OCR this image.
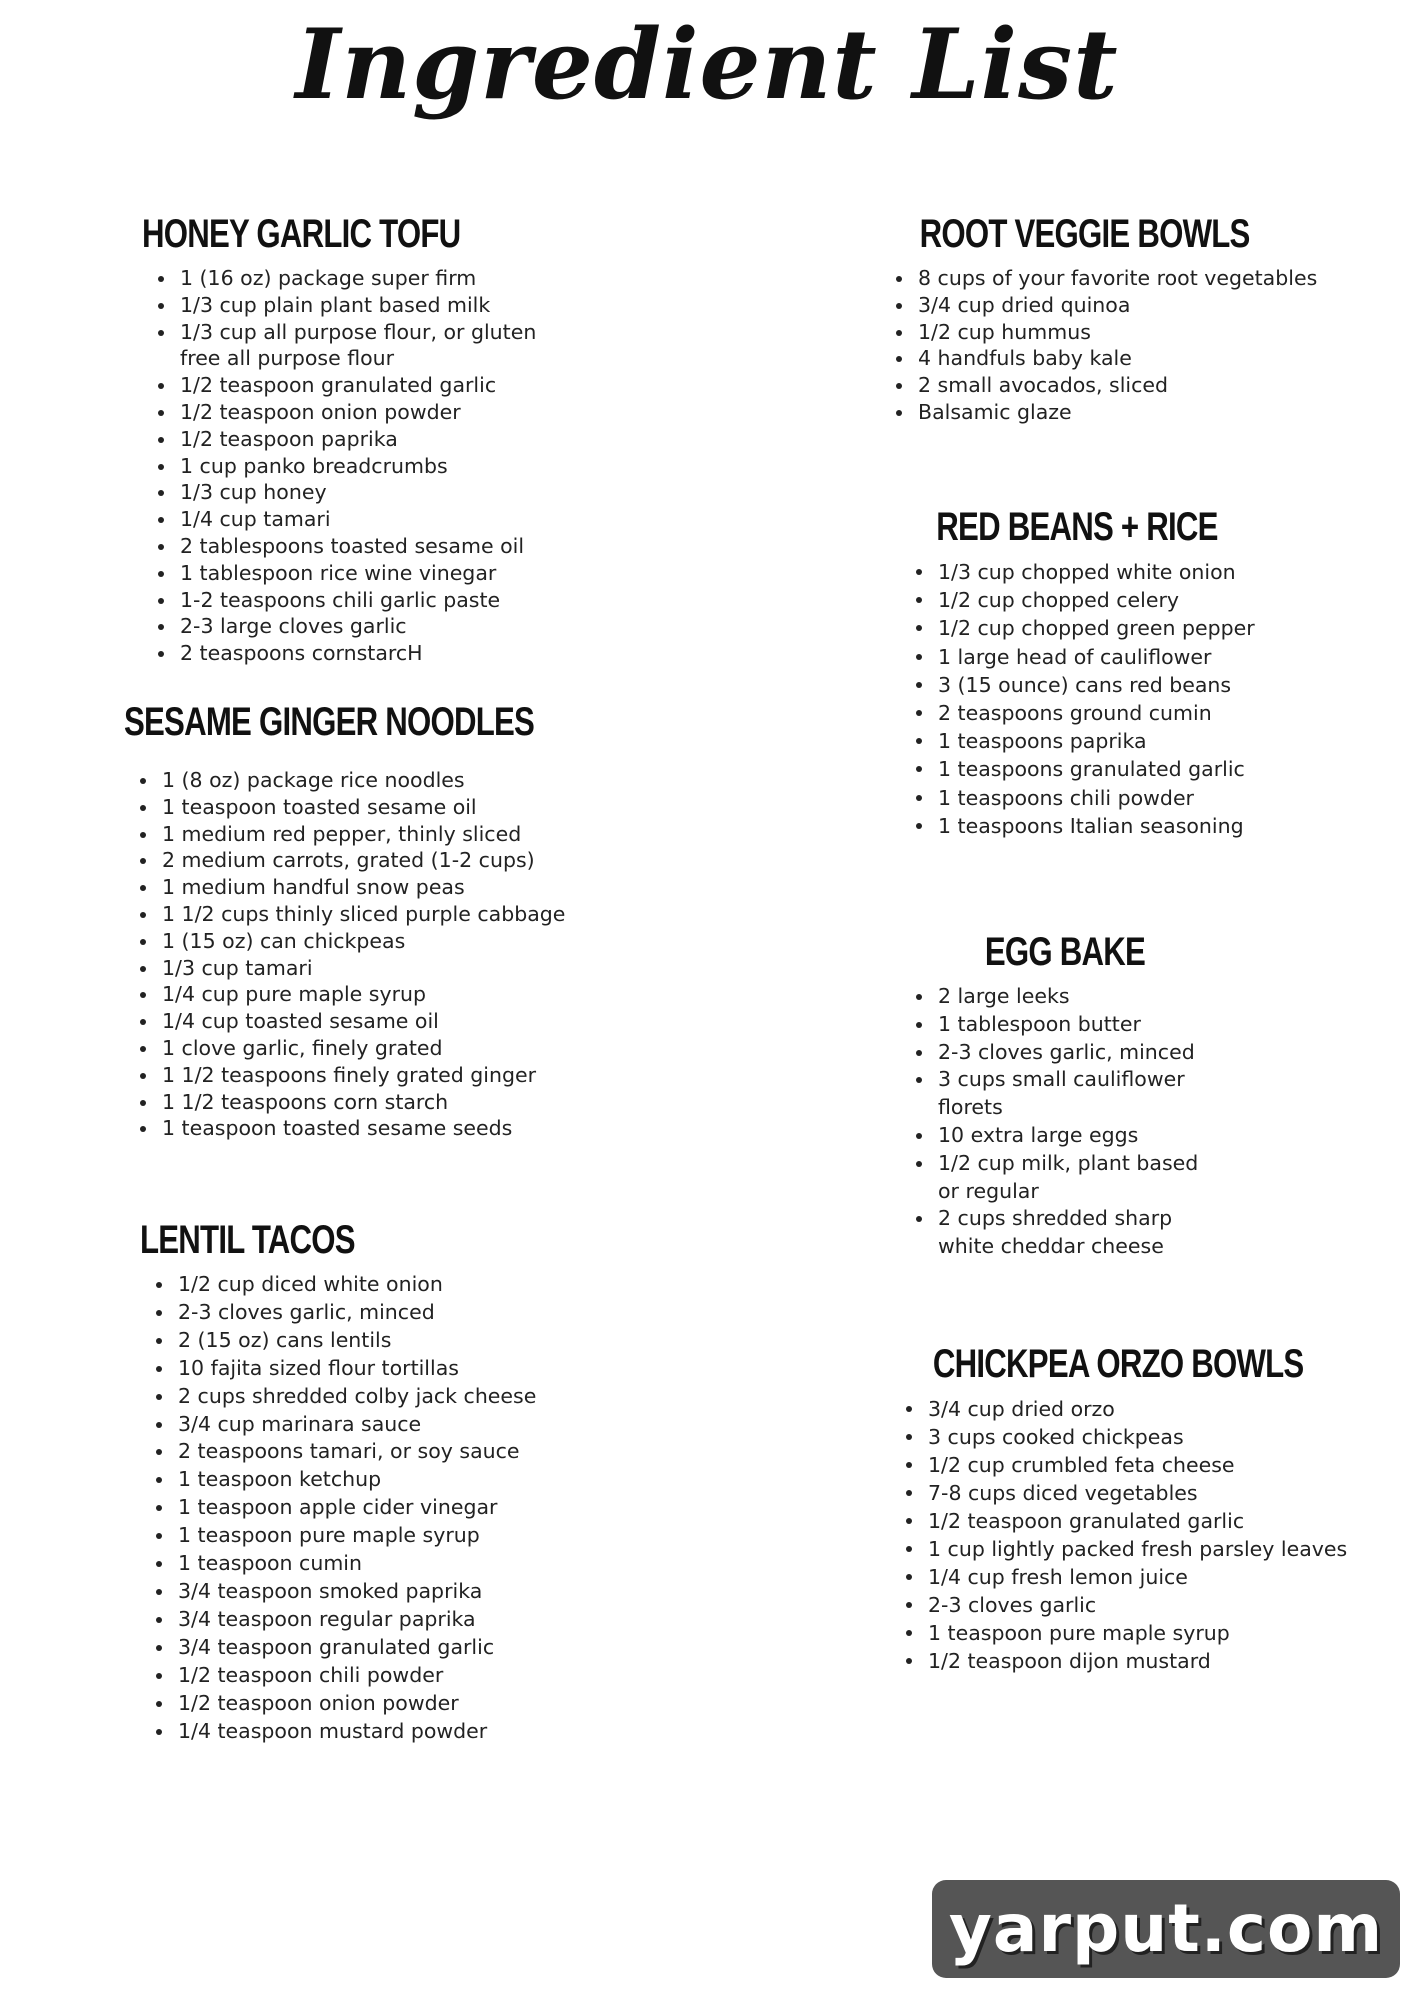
Ingredient List
HONEY GARLIC TOFU
1 (16 oz) package super firm
1/3 cup plain plant based milk
1/3 cup all purpose flour, or gluten free all purpose flour
1/2 teaspoon granulated garlic
1/2 teaspoon onion powder
1/2 teaspoon paprika
1 cup panko breadcrumbs
1/3 cup honey
1/4 cup tamari
2 tablespoons toasted sesame oil
1 tablespoon rice wine vinegar
1-2 teaspoons chili garlic paste
2-3 large cloves garlic
2 teaspoons cornstarcH
SESAME GINGER NOODLES
1 (8 oz) package rice noodles
1 teaspoon toasted sesame oil
1 medium red pepper, thinly sliced
2 medium carrots, grated (1-2 cups)
1 medium handful snow peas
1 1/2 cups thinly sliced purple cabbage
1 (15 oz) can chickpeas
1/3 cup tamari
1/4 cup pure maple syrup
1/4 cup toasted sesame oil
1 clove garlic, finely grated
1 1/2 teaspoons finely grated ginger
1 1/2 teaspoons corn starch
1 teaspoon toasted sesame seeds
LENTIL TACOS
1/2 cup diced white onion
2-3 cloves garlic, minced
2 (15 oz) cans lentils
10 fajita sized flour tortillas
2 cups shredded colby jack cheese
3/4 cup marinara sauce
2 teaspoons tamari, or soy sauce
1 teaspoon ketchup
1 teaspoon apple cider vinegar
1 teaspoon pure maple syrup
1 teaspoon cumin
3/4 teaspoon smoked paprika
3/4 teaspoon regular paprika
3/4 teaspoon granulated garlic
1/2 teaspoon chili powder
1/2 teaspoon onion powder
1/4 teaspoon mustard powder
ROOT VEGGIE BOWLS
8 cups of your favorite root vegetables
3/4 cup dried quinoa
1/2 cup hummus
4 handfuls baby kale
2 small avocados, sliced
Balsamic glaze
RED BEANS + RICE
1/3 cup chopped white onion
1/2 cup chopped celery
1/2 cup chopped green pepper
1 large head of cauliflower
3 (15 ounce) cans red beans
2 teaspoons ground cumin
1 teaspoons paprika
1 teaspoons granulated garlic
1 teaspoons chili powder
1 teaspoons Italian seasoning
EGG BAKE
2 large leeks
1 tablespoon butter
2-3 cloves garlic, minced
3 cups small cauliflower florets
10 extra large eggs
1/2 cup milk, plant based or regular
2 cups shredded sharp white cheddar cheese
CHICKPEA ORZO BOWLS
3/4 cup dried orzo
3 cups cooked chickpeas
1/2 cup crumbled feta cheese
7-8 cups diced vegetables
1/2 teaspoon granulated garlic
1 cup lightly packed fresh parsley leaves
1/4 cup fresh lemon juice
2-3 cloves garlic
1 teaspoon pure maple syrup
1/2 teaspoon dijon mustard
yarput.com
